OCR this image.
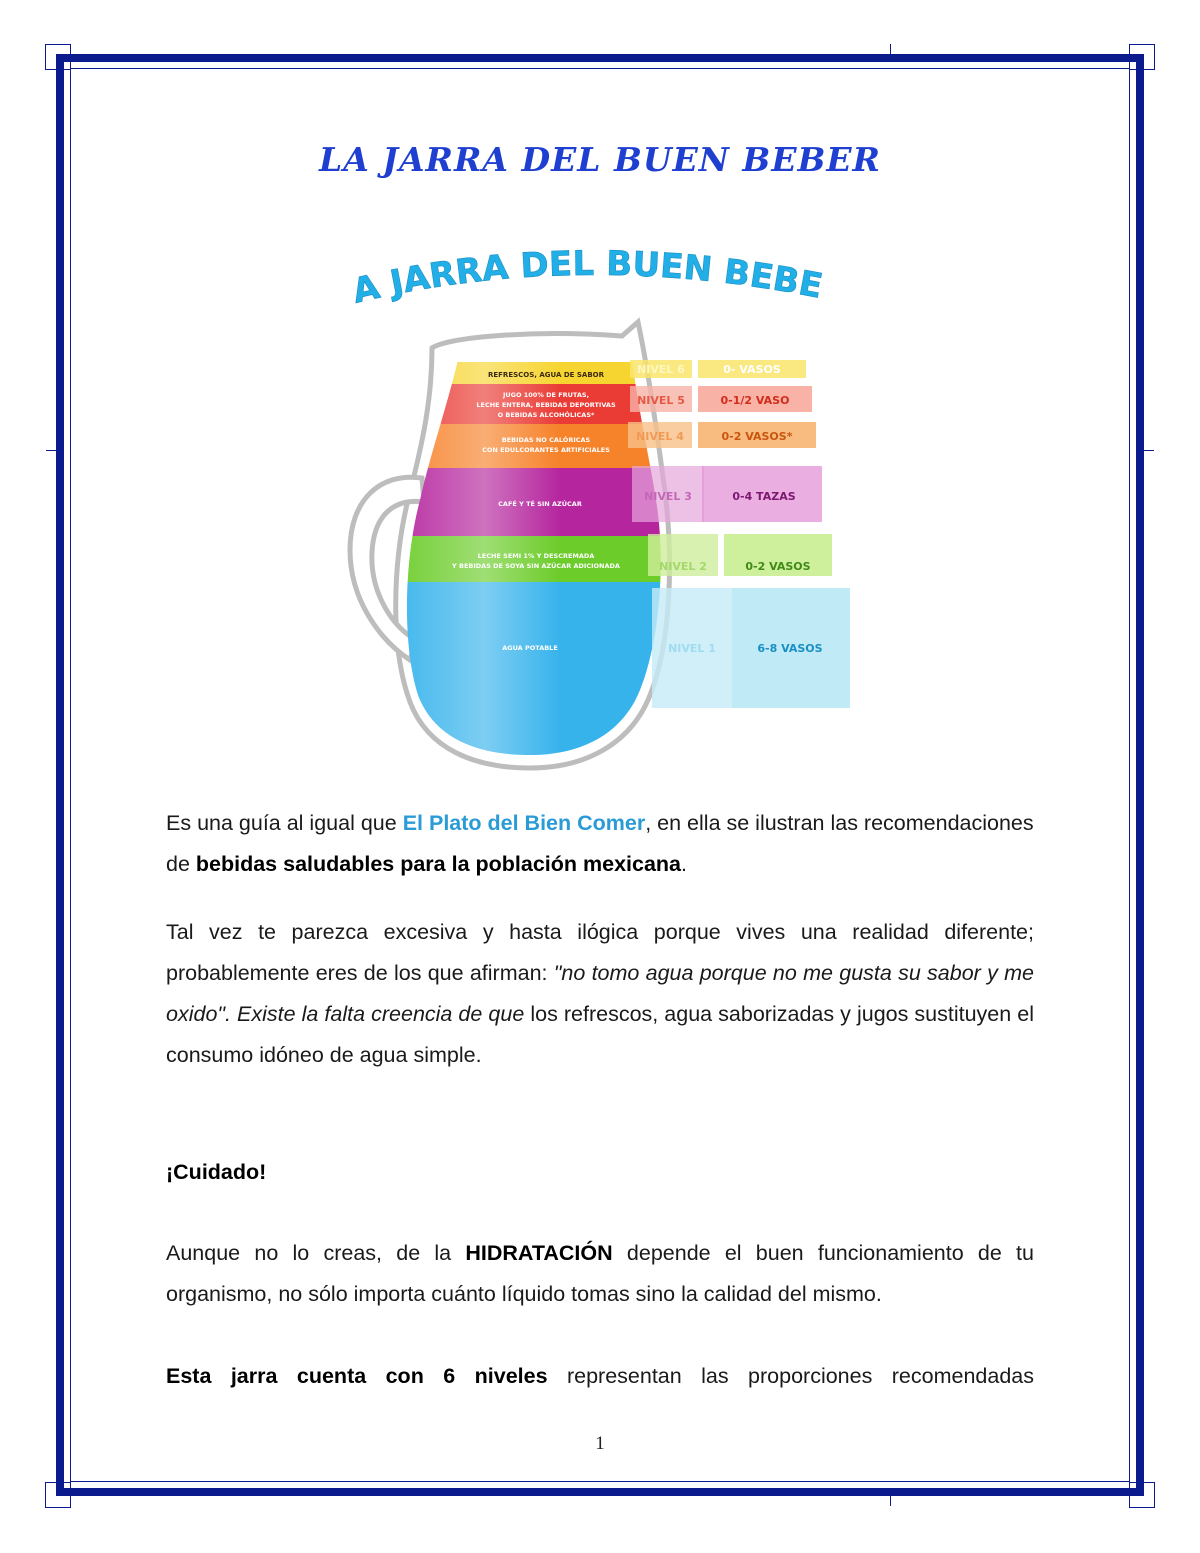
LA JARRA DEL BUEN BEBER
A JARRA DEL BUEN BEBE
REFRESCOS, AGUA DE SABOR
JUGO 100% DE FRUTAS,
LECHE ENTERA, BEBIDAS DEPORTIVAS
O BEBIDAS ALCOHÓLICAS*
BEBIDAS NO CALÓRICAS
CON EDULCORANTES ARTIFICIALES
CAFÉ Y TÉ SIN AZÚCAR
LECHE SEMI 1% Y DESCREMADA
Y BEBIDAS DE SOYA SIN AZÚCAR ADICIONADA
AGUA POTABLE
NIVEL 6	0- VASOS
NIVEL 5	0-1/2 VASO
NIVEL 4	0-2 VASOS*
NIVEL 3	0-4 TAZAS
NIVEL 2	0-2 VASOS
NIVEL 1	6-8 VASOS
Es una guía al igual que El Plato del Bien Comer, en ella se ilustran las recomendaciones de bebidas saludables para la población mexicana.
Tal vez te parezca excesiva y hasta ilógica porque vives una realidad diferente; probablemente eres de los que afirman: "no tomo agua porque no me gusta su sabor y me oxido". Existe la falta creencia de que los refrescos, agua saborizadas y jugos sustituyen el consumo idóneo de agua simple.
¡Cuidado!
Aunque no lo creas, de la HIDRATACIÓN depende el buen funcionamiento de tu organismo, no sólo importa cuánto líquido tomas sino la calidad del mismo.
Esta jarra cuenta con 6 niveles representan las proporciones recomendadas
1
